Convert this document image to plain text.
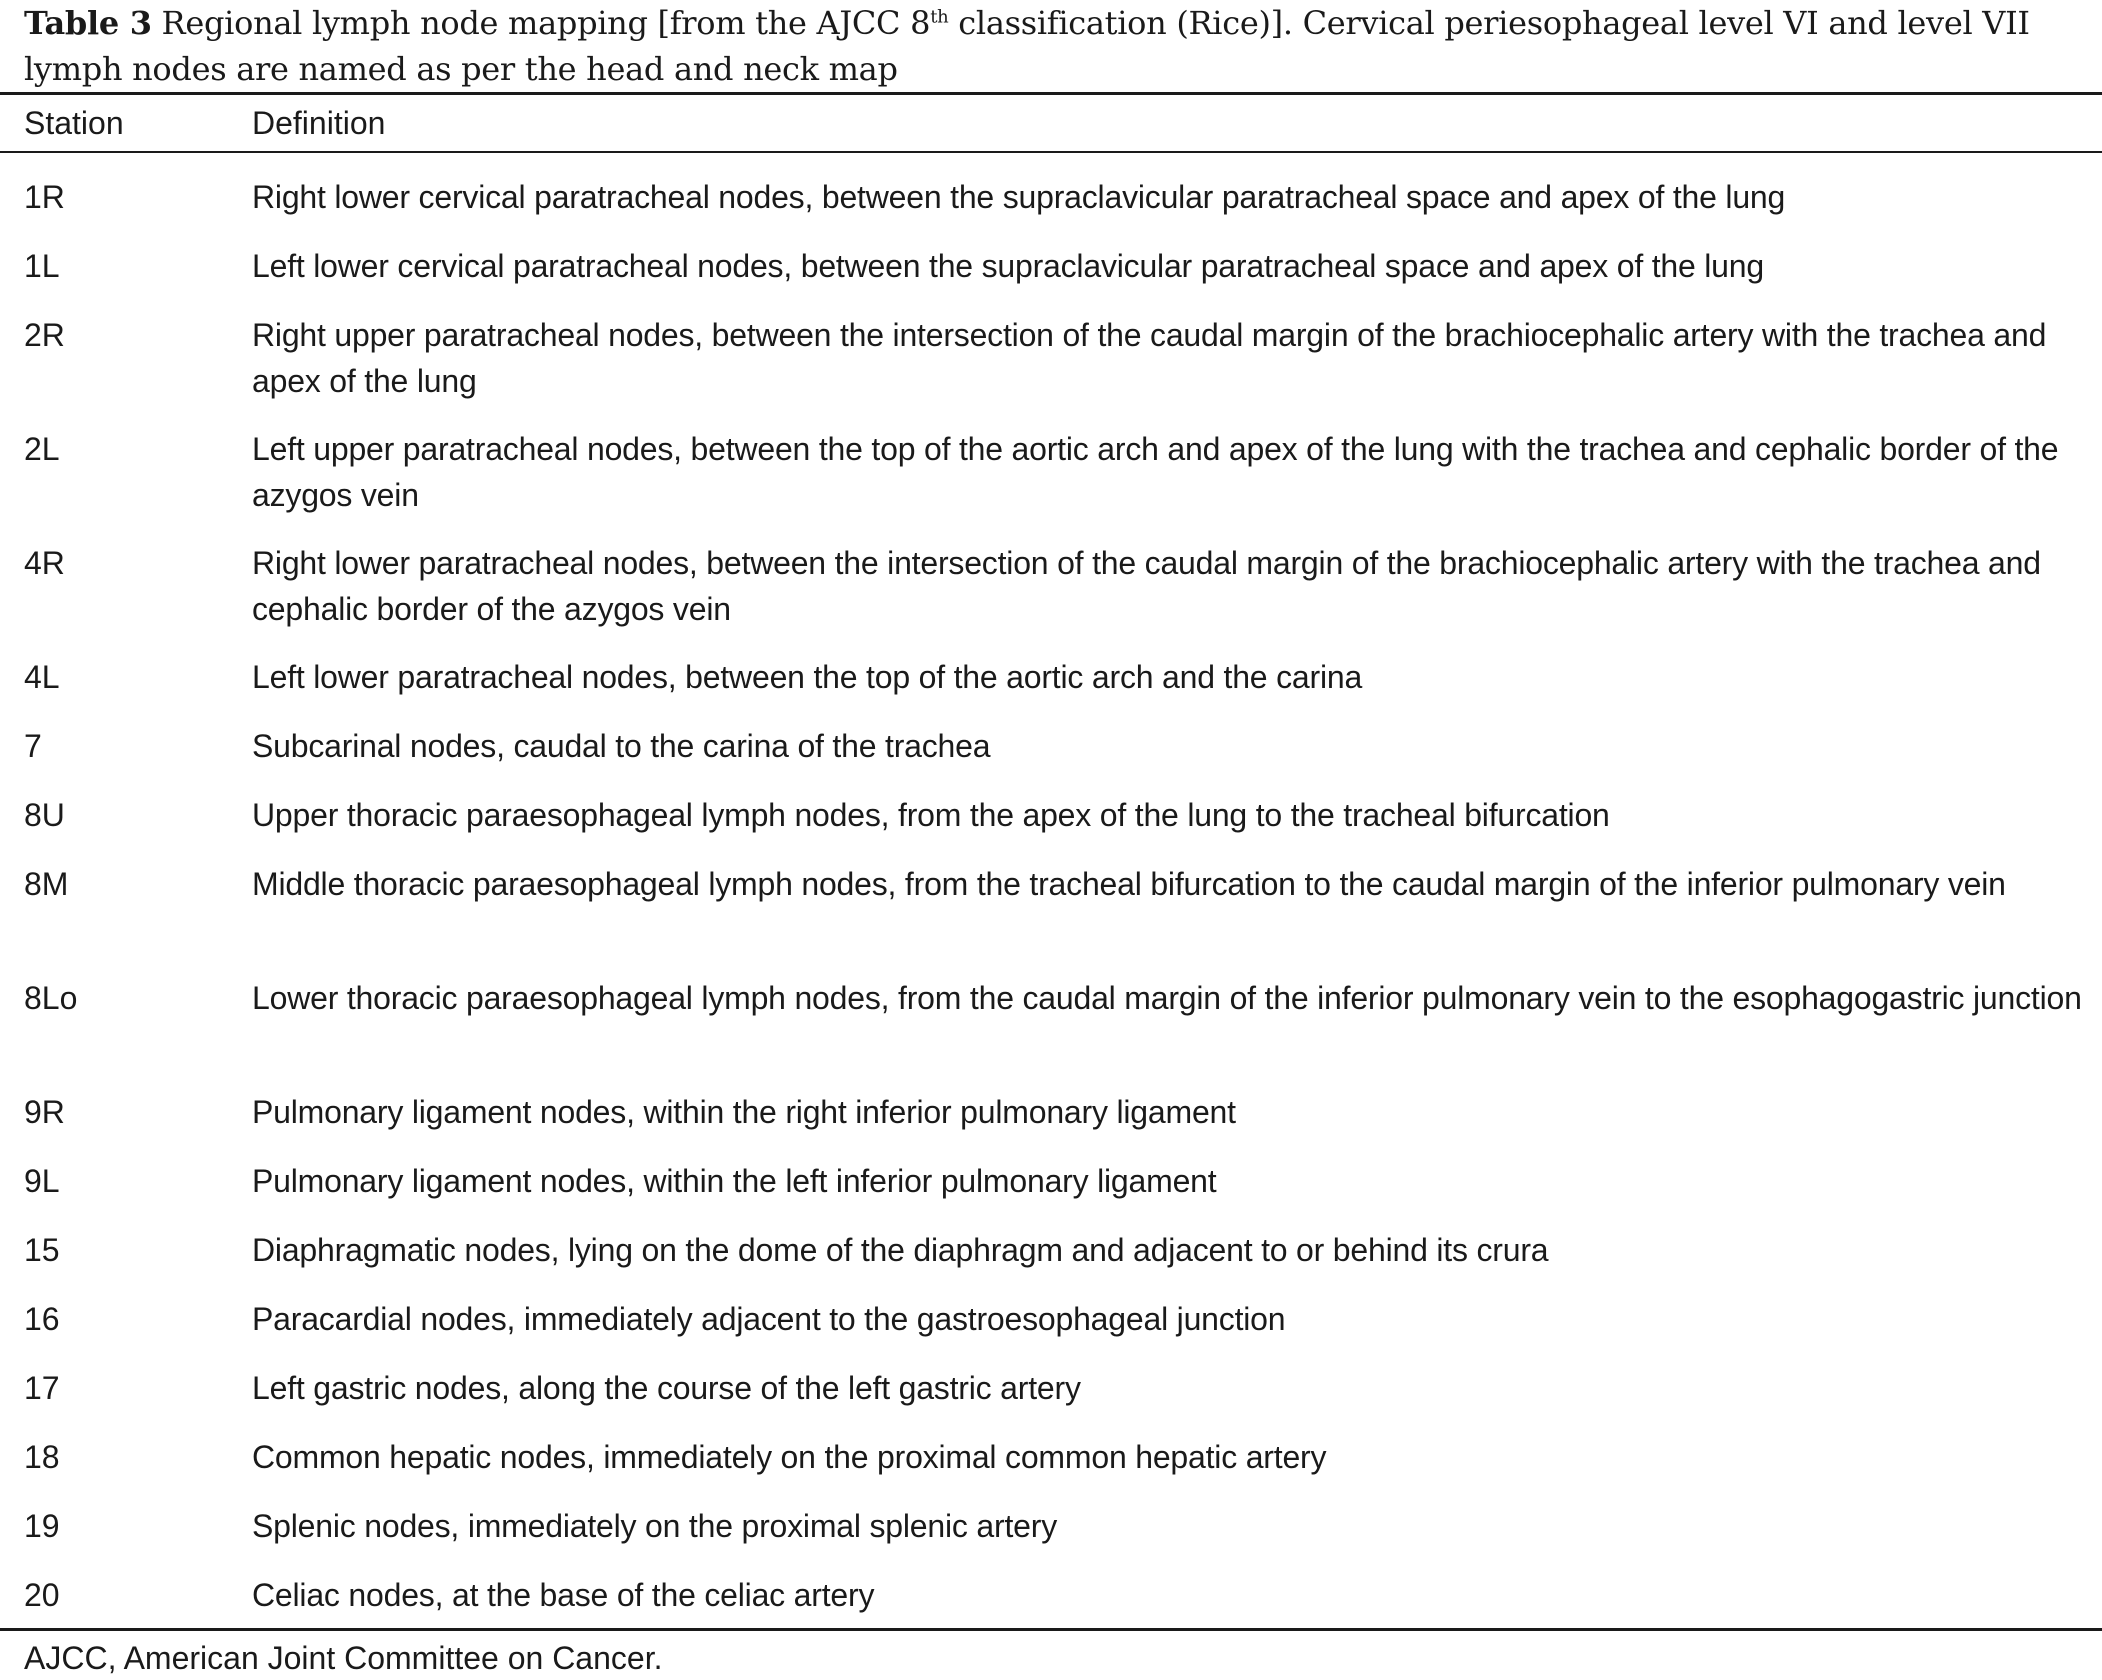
Table 3 Regional lymph node mapping [from the AJCC 8th classification (Rice)]. Cervical periesophageal level VI and level VII lymph nodes are named as per the head and neck map
Station	Definition
1R	Right lower cervical paratracheal nodes, between the supraclavicular paratracheal space and apex of the lung
1L	Left lower cervical paratracheal nodes, between the supraclavicular paratracheal space and apex of the lung
2R	Right upper paratracheal nodes, between the intersection of the caudal margin of the brachiocephalic artery with the trachea and apex of the lung
2L	Left upper paratracheal nodes, between the top of the aortic arch and apex of the lung with the trachea and cephalic border of the azygos vein
4R	Right lower paratracheal nodes, between the intersection of the caudal margin of the brachiocephalic artery with the trachea and cephalic border of the azygos vein
4L	Left lower paratracheal nodes, between the top of the aortic arch and the carina
7	Subcarinal nodes, caudal to the carina of the trachea
8U	Upper thoracic paraesophageal lymph nodes, from the apex of the lung to the tracheal bifurcation
8M	Middle thoracic paraesophageal lymph nodes, from the tracheal bifurcation to the caudal margin of the inferior pulmonary vein
8Lo	Lower thoracic paraesophageal lymph nodes, from the caudal margin of the inferior pulmonary vein to the esophagogastric junction
9R	Pulmonary ligament nodes, within the right inferior pulmonary ligament
9L	Pulmonary ligament nodes, within the left inferior pulmonary ligament
15	Diaphragmatic nodes, lying on the dome of the diaphragm and adjacent to or behind its crura
16	Paracardial nodes, immediately adjacent to the gastroesophageal junction
17	Left gastric nodes, along the course of the left gastric artery
18	Common hepatic nodes, immediately on the proximal common hepatic artery
19	Splenic nodes, immediately on the proximal splenic artery
20	Celiac nodes, at the base of the celiac artery
AJCC, American Joint Committee on Cancer.
